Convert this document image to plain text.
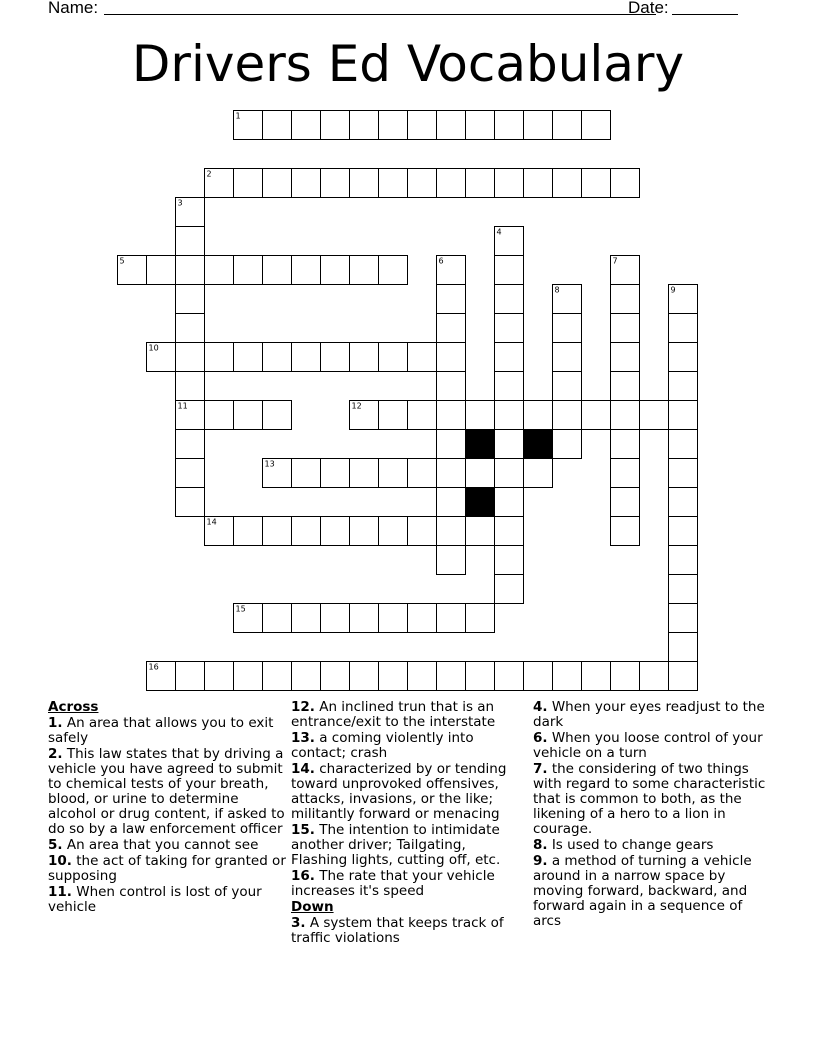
Name:	Date:
Drivers Ed Vocabulary
1
2
3
4
5	6	7
8	9
10
11	12
13
14
15
16
Across
1. An area that allows you to exit safely
2. This law states that by driving a vehicle you have agreed to submit to chemical tests of your breath, blood, or urine to determine alcohol or drug content, if asked to do so by a law enforcement officer
5. An area that you cannot see
10. the act of taking for granted or supposing
11. When control is lost of your vehicle
12. An inclined trun that is an entrance/exit to the interstate
13. a coming violently into contact; crash
14. characterized by or tending toward unprovoked offensives, attacks, invasions, or the like; militantly forward or menacing
15. The intention to intimidate another driver; Tailgating, Flashing lights, cutting off, etc.
16. The rate that your vehicle increases it's speed
Down
3. A system that keeps track of traffic violations
4. When your eyes readjust to the dark
6. When you loose control of your vehicle on a turn
7. the considering of two things with regard to some characteristic that is common to both, as the likening of a hero to a lion in courage.
8. Is used to change gears
9. a method of turning a vehicle around in a narrow space by moving forward, backward, and forward again in a sequence of arcs
